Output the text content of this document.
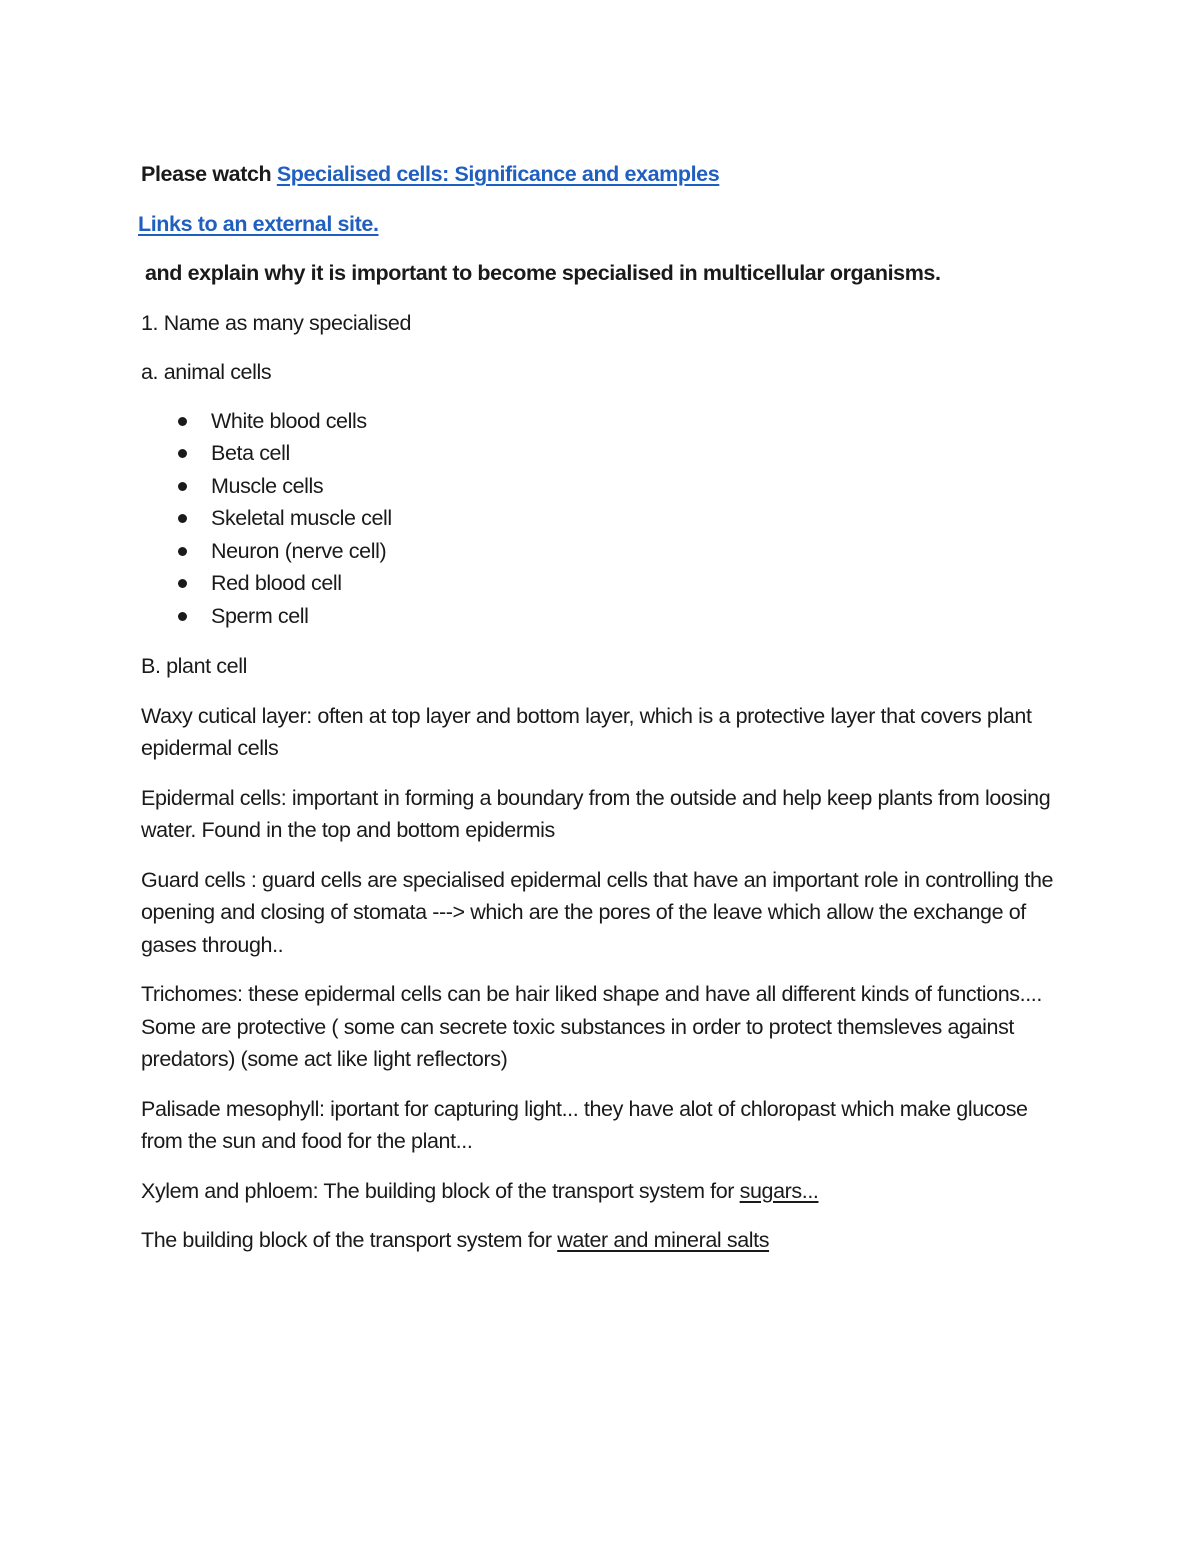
Please watch Specialised cells: Significance and examples

Links to an external site.

and explain why it is important to become specialised in multicellular organisms.

1. Name as many specialised

a. animal cells

White blood cells
Beta cell
Muscle cells
Skeletal muscle cell
Neuron (nerve cell)
Red blood cell
Sperm cell

B. plant cell

Waxy cutical layer: often at top layer and bottom layer, which is a protective layer that covers plant epidermal cells

Epidermal cells: important in forming a boundary from the outside and help keep plants from loosing water. Found in the top and bottom epidermis

Guard cells : guard cells are specialised epidermal cells that have an important role in controlling the opening and closing of stomata ---> which are the pores of the leave which allow the exchange of gases through..

Trichomes: these epidermal cells can be hair liked shape and have all different kinds of functions.... Some are protective ( some can secrete toxic substances in order to protect themsleves against predators) (some act like light reflectors)

Palisade mesophyll: iportant for capturing light... they have alot of chloropast which make glucose from the sun and food for the plant...

Xylem and phloem: The building block of the transport system for sugars...

The building block of the transport system for water and mineral salts
